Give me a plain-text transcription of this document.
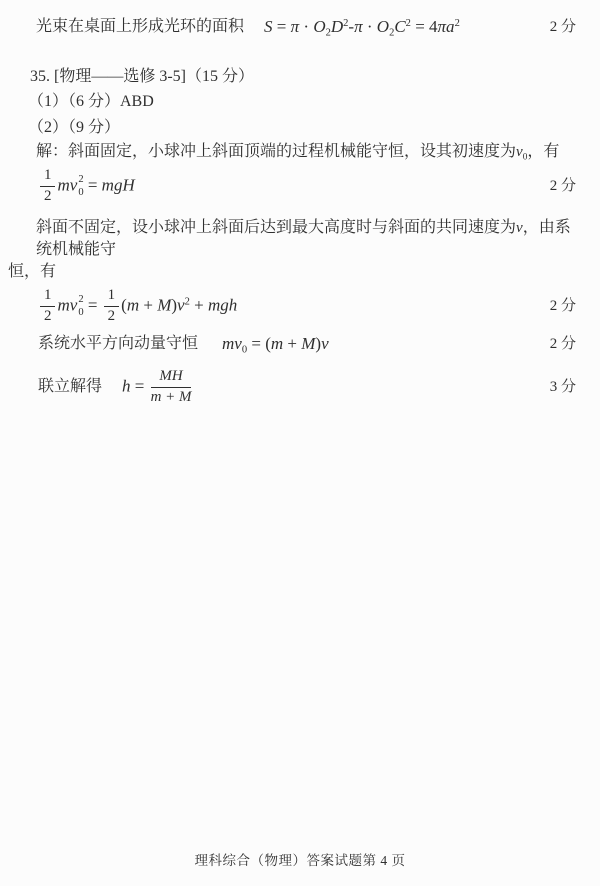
光束在桌面上形成光环的面积 $S = \pi \cdot O_2D^2-\pi \cdot O_2C^2 = 4\pi a^2$	2 分
35. [物理——选修 3-5]（15 分）
（1）（6 分）ABD
（2）（9 分）
解：斜面固定，小球冲上斜面顶端的过程机械能守恒，设其初速度为 $v_0$ ，有
$\frac{1}{2}$ mv 2
0 = mgH	2 分
斜面不固定，设小球冲上斜面后达到最大高度时与斜面的共同速度为v，由系统机械能守
恒，有
$\frac{1}{2}$ mv 2
$0 = \frac{1}{2} (m + M)v^2$ + mgh	2 分
系统水平方向动量守恒 $mv_0 = (m + M)v$	2 分
联立解得 $h = \frac{MH}{m + M}$	3 分
理科综合（物理）答案试题第 4 页
